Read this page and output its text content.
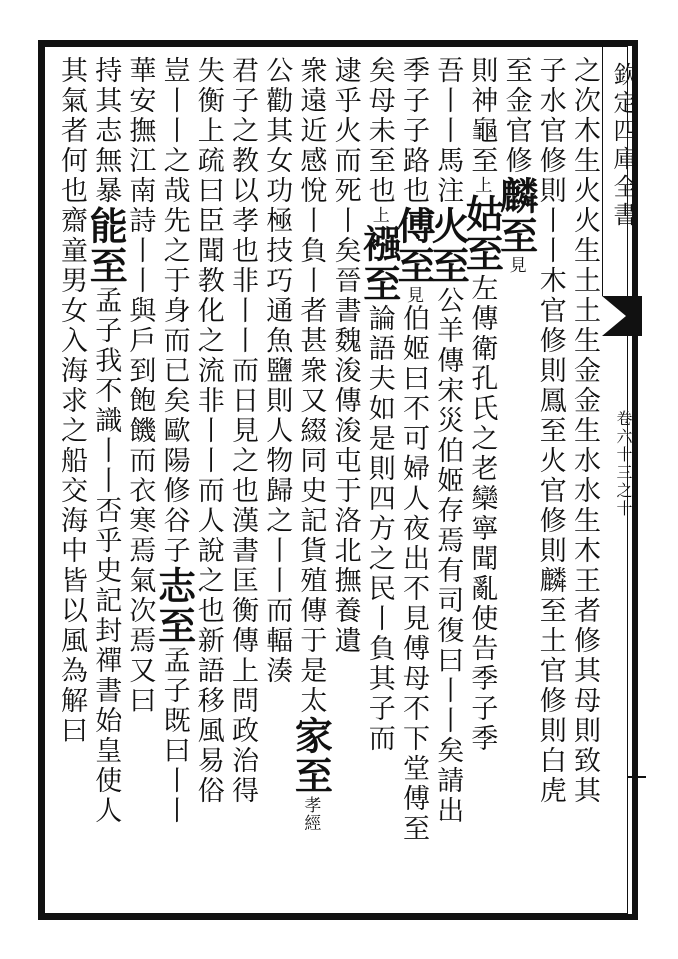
欽定四庫全書
卷六十三之十
之次木生火火生土土生金金生水水生木王者修其母則致其
子水官修則丨丨木官修則鳳至火官修則麟至土官修則白虎
至金官修麟至見
則神龜至上姑至左傳衛孔氏之老欒寧聞亂使告季子季
吾丨丨馬注火至公羊傳宋災伯姬存焉有司復曰丨丨矣請出
季子子路也傅至見伯姬曰不可婦人夜出不見傅母不下堂傅至
矣母未至也上襁至論語夫如是則四方之民丨負其子而
逮乎火而死丨矣晉書魏浚傳浚屯于洛北撫養遺
衆遠近感悅丨負丨者甚衆又綴同史記貨殖傳于是太家至孝經
公勸其女功極技巧通魚鹽則人物歸之丨丨而輻湊
君子之教以孝也非丨丨而日見之也漢書匡衡傳上問政治得
失衡上疏曰臣聞教化之流非丨丨而人說之也新語移風易俗
豈丨丨之哉先之于身而已矣歐陽修谷子志至孟子既曰丨丨
華安撫江南詩丨丨與戶到飽饑而衣寒焉氣次焉又曰
持其志無暴能至孟子我不識丨丨否乎史記封禪書始皇使人
其氣者何也齋童男女入海求之船交海中皆以風為解曰
